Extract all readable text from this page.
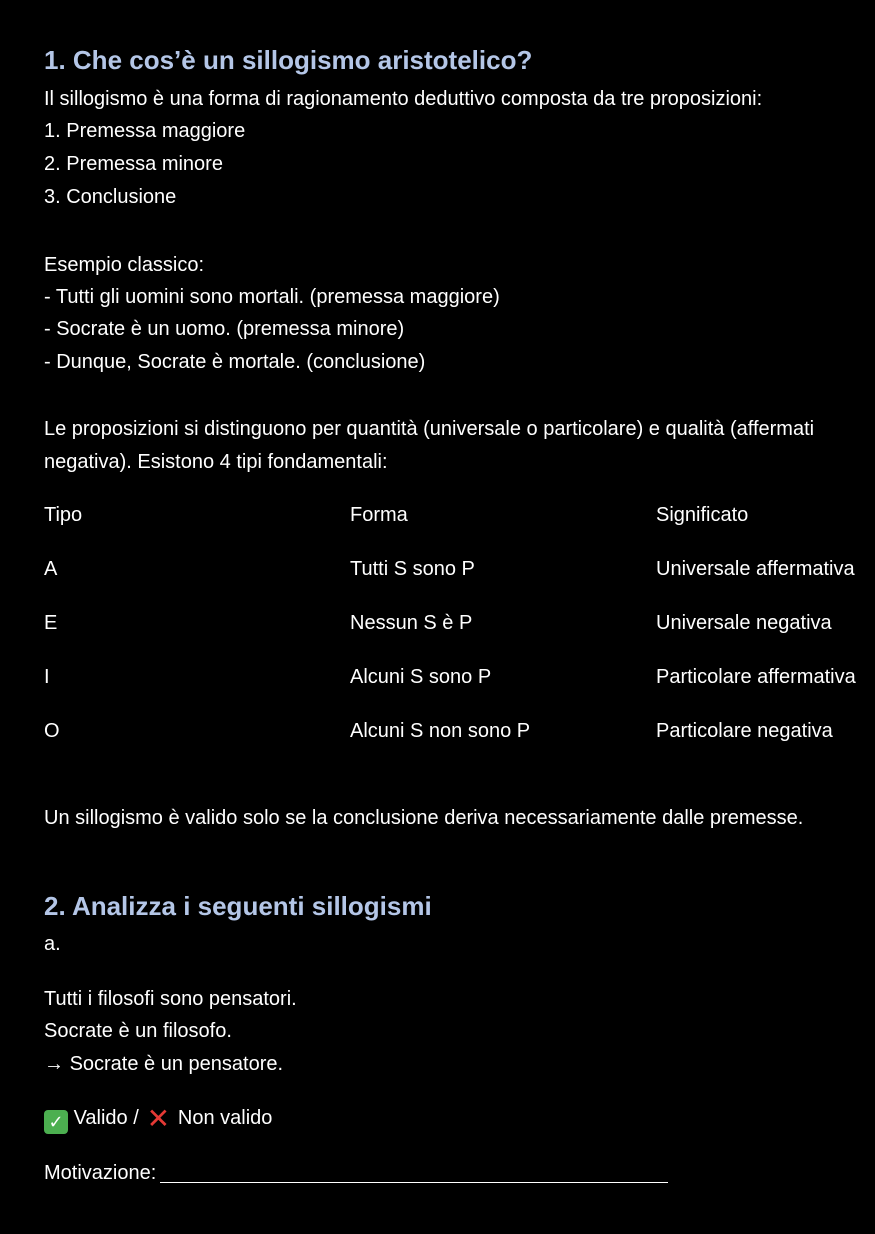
1. Che cos’è un sillogismo aristotelico?
Il sillogismo è una forma di ragionamento deduttivo composta da tre proposizioni:
1. Premessa maggiore
2. Premessa minore
3. Conclusione
Esempio classico:
- Tutti gli uomini sono mortali. (premessa maggiore)
- Socrate è un uomo. (premessa minore)
- Dunque, Socrate è mortale. (conclusione)
Le proposizioni si distinguono per quantità (universale o particolare) e qualità (affermati
negativa). Esistono 4 tipi fondamentali:
Tipo	Forma	Significato
A	Tutti S sono P	Universale affermativa
E	Nessun S è P	Universale negativa
I	Alcuni S sono P	Particolare affermativa
O	Alcuni S non sono P	Particolare negativa
Un sillogismo è valido solo se la conclusione deriva necessariamente dalle premesse.
2. Analizza i seguenti sillogismi
a.
Tutti i filosofi sono pensatori.
Socrate è un filosofo.
→ Socrate è un pensatore.
✓ Valido / ✕ Non valido
Motivazione:
